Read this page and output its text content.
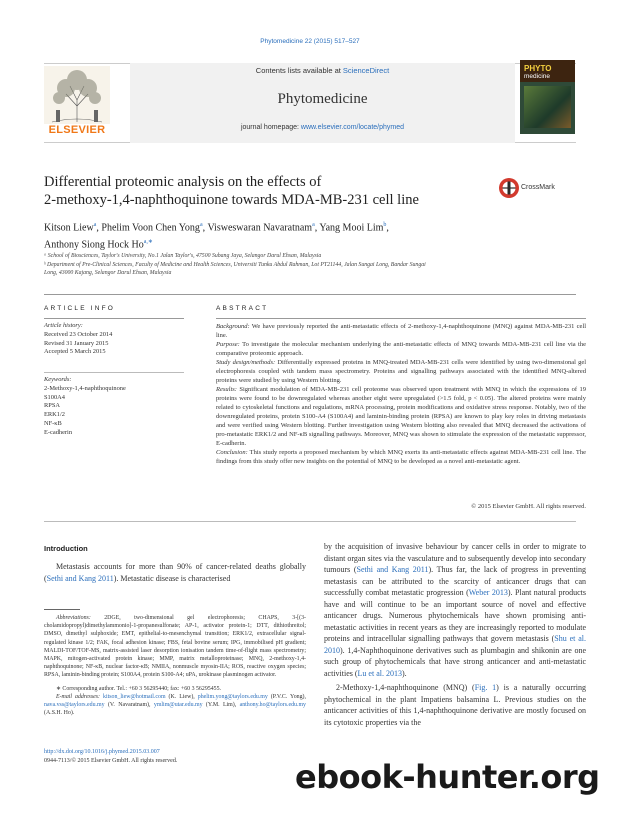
Phytomedicine 22 (2015) 517–527
ELSEVIER
Contents lists available at ScienceDirect
Phytomedicine
journal homepage: www.elsevier.com/locate/phymed
PHYTO
medicine
Differential proteomic analysis on the effects of
2-methoxy-1,4-naphthoquinone towards MDA-MB-231 cell line
CrossMark
Kitson Liew$^a$, Phelim Voon Chen Yong$^a$, Visweswaran Navaratnam$^a$, Yang Mooi Lim$^b$,
Anthony Siong Hock $Ho^{a,∗}$
ᵃ School of Biosciences, Taylor's University, No.1 Jalan Taylor's, 47500 Subang Jaya, Selangor Darul Ehsan, Malaysia
ᵇ Department of Pre-Clinical Sciences, Faculty of Medicine and Health Sciences, Universiti Tunku Abdul Rahman, Lot PT21144, Jalan Sungai Long, Bandar Sungai
Long, 43000 Kajang, Selangor Darul Ehsan, Malaysia
ARTICLE INFO
Article history:
Received 23 October 2014
Revised 31 January 2015
Accepted 5 March 2015
Keywords:
2-Methoxy-1,4-naphthoquinone
S100A4
RPSA
ERK1/2
NF-κB
E-cadherin
ABSTRACT
Background: We have previously reported the anti-metastatic effects of 2-methoxy-1,4-naphthoquinone (MNQ) against MDA-MB-231 cell line.
Purpose: To investigate the molecular mechanism underlying the anti-metastatic effects of MNQ towards MDA-MB-231 cell line via the comparative proteomic approach.
Study design/methods: Differentially expressed proteins in MNQ-treated MDA-MB-231 cells were identified by using two-dimensional gel electrophoresis coupled with tandem mass spectrometry. Proteins and signalling pathways associated with the identified MNQ-altered proteins were studied by using Western blotting.
Results: Significant modulation of MDA-MB-231 cell proteome was observed upon treatment with MNQ in which the expressions of 19 proteins were found to be downregulated whereas another eight were upregulated (>1.5 fold, p < 0.05). The altered proteins were mainly related to cytoskeletal functions and regulations, mRNA processing, protein modifications and oxidative stress response. Notably, two of the downregulated proteins, protein S100-A4 (S100A4) and laminin-binding protein (RPSA) are known to play key roles in driving metastasis and were verified using Western blotting. Further investigation using Western blotting also revealed that MNQ decreased the activations of pro-metastatic ERK1/2 and NF-κB signalling pathways. Moreover, MNQ was shown to stimulate the expression of the metastatic suppressor, E-cadherin.
Conclusion: This study reports a proposed mechanism by which MNQ exerts its anti-metastatic effects against MDA-MB-231 cell line. The findings from this study offer new insights on the potential of MNQ to be developed as a novel anti-metastatic agent.
© 2015 Elsevier GmbH. All rights reserved.
Introduction

Metastasis accounts for more than 90% of cancer-related deaths globally (Sethi and Kang 2011). Metastatic disease is characterised

Abbreviations: 2DGE, two-dimensional gel electrophoresis; CHAPS, 3-[(3-cholamidopropyl)dimethylammonio]-1-propanesulfonate; AP-1, activator protein-1; DTT, dithiothreitol; DMSO, dimethyl sulphoxide; EMT, epithelial-to-mesenchymal transition; ERK1/2, extracellular signal-regulated kinase 1/2; FAK, focal adhesion kinase; FBS, fetal bovine serum; IPG, immobilised pH gradient; MALDI-TOF/TOF-MS, matrix-assisted laser desorption ionisation tandem time-of-flight mass spectrometry; MAPK, mitogen-activated protein kinase; MMP, matrix metalloproteinase; MNQ, 2-methoxy-1,4-naphthoquinone; NF-κB, nuclear factor-κB; NMIIA, nonmuscle myosin-IIA; ROS, reactive oxygen species; RPSA, laminin-binding protein; S100A4, protein S100-A4; uPA, urokinase plasminogen activator.

∗ Corresponding author. Tel.: +60 3 56295440; fax: +60 3 56295455.

E-mail addresses: kitson_liew@hotmail.com (K. Liew), phelim.yong@taylors.edu.my (P.V.C. Yong), nava.vss@taylors.edu.my (V. Navaratnam), ymlim@utar.edu.my (Y.M. Lim), anthony.ho@taylors.edu.my (A.S.H. Ho).

http://dx.doi.org/10.1016/j.phymed.2015.03.007
0944-7113/© 2015 Elsevier GmbH. All rights reserved.

by the acquisition of invasive behaviour by cancer cells in order to migrate to distant organ sites via the vasculature and to subsequently develop into secondary tumours (Sethi and Kang 2011). Thus far, the lack of progress in preventing metastasis can be attributed to the scarcity of anticancer drugs that can successfully combat metastatic progression (Weber 2013). Plant natural products have and will continue to be an important source of novel and effective anticancer drugs. Numerous phytochemicals have shown promising anti-metastatic activities in recent years as they are increasingly reported to modulate proteins and intracellular signalling pathways that govern metastasis (Shu et al. 2010). 1,4-Naphthoquinone derivatives such as plumbagin and shikonin are one such group of phytochemicals that have strong anticancer and anti-metastatic activities (Lu et al. 2013).

2-Methoxy-1,4-naphthoquinone (MNQ) (Fig. 1) is a naturally occurring phytochemical in the plant Impatiens balsamina L. Previous studies on the anticancer activities of this 1,4-naphthoquinone derivative are mostly focused on its cytotoxic properties via the

ebook-hunter.org
